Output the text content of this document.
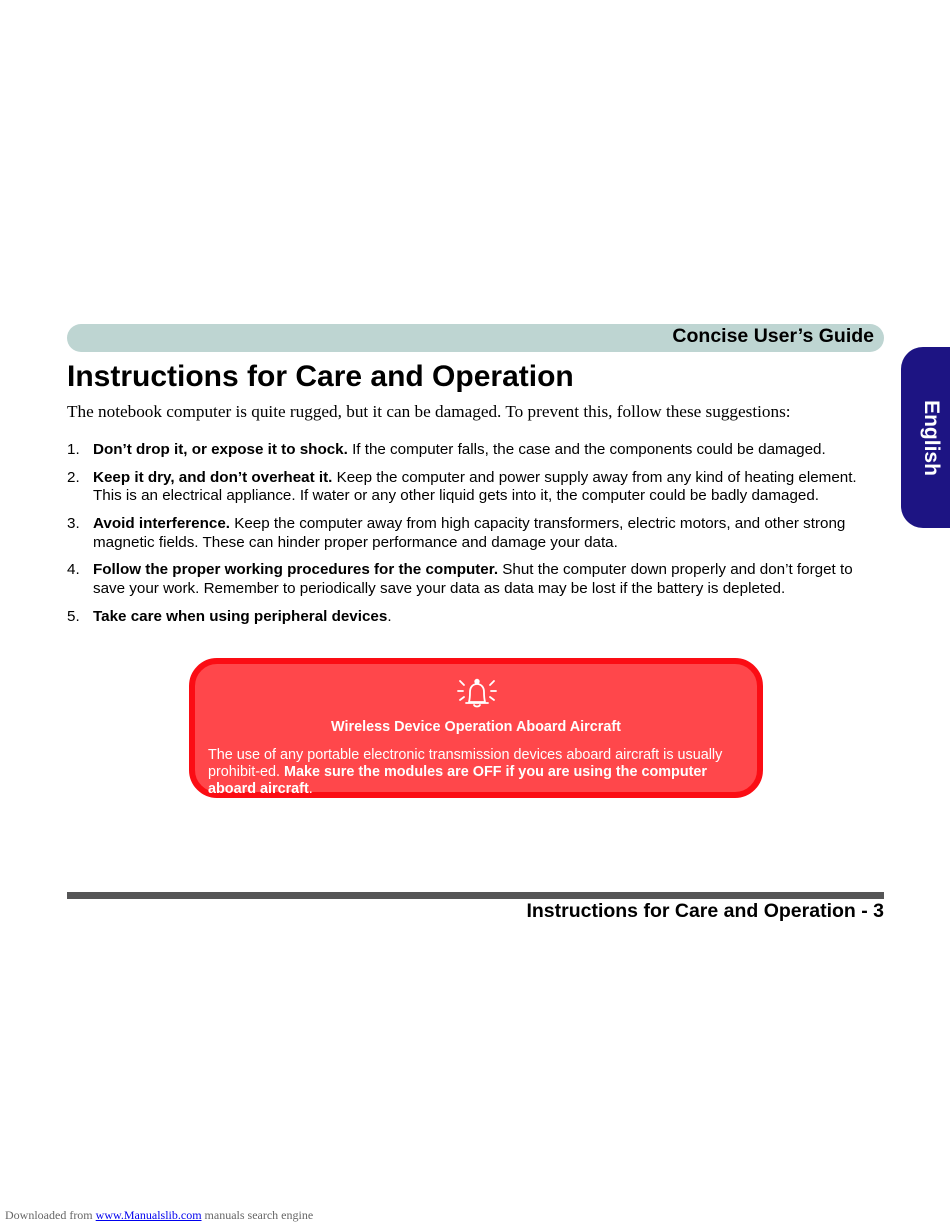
Concise User’s Guide
English
Instructions for Care and Operation

The notebook computer is quite rugged, but it can be damaged. To prevent this, follow these suggestions:

1. Don’t drop it, or expose it to shock. If the computer falls, the case and the components could be damaged.
2. Keep it dry, and don’t overheat it. Keep the computer and power supply away from any kind of heating element. This is an electrical appliance. If water or any other liquid gets into it, the computer could be badly damaged.
3. Avoid interference. Keep the computer away from high capacity transformers, electric motors, and other strong magnetic fields. These can hinder proper performance and damage your data.
4. Follow the proper working procedures for the computer. Shut the computer down properly and don’t forget to save your work. Remember to periodically save your data as data may be lost if the battery is depleted.
5. Take care when using peripheral devices.
Wireless Device Operation Aboard Aircraft
The use of any portable electronic transmission devices aboard aircraft is usually prohibit-ed. Make sure the modules are OFF if you are using the computer aboard aircraft.
Instructions for Care and Operation - 3
Downloaded from www.Manualslib.com manuals search engine
